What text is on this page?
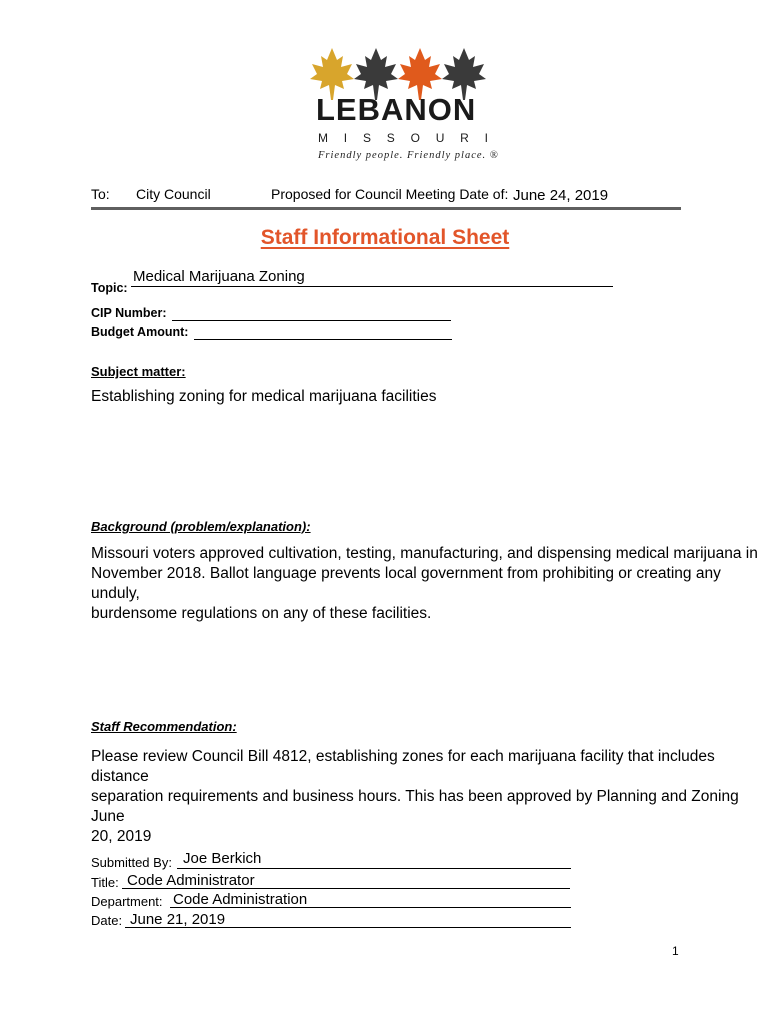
LEBANON
M I S S O U R I
Friendly people. Friendly place. ®
To: City Council	Proposed for Council Meeting Date of: June 24, 2019
Staff Informational Sheet
Topic:
Medical Marijuana Zoning
CIP Number:
Budget Amount:
Subject matter:
Establishing zoning for medical marijuana facilities
Background (problem/explanation):
Missouri voters approved cultivation, testing, manufacturing, and dispensing medical marijuana in
November 2018. Ballot language prevents local government from prohibiting or creating any unduly,
burdensome regulations on any of these facilities.
Staff Recommendation:
Please review Council Bill 4812, establishing zones for each marijuana facility that includes distance
separation requirements and business hours. This has been approved by Planning and Zoning June
20, 2019
Submitted By: Joe Berkich
Title: Code Administrator
Department: Code Administration
Date: June 21, 2019
1
